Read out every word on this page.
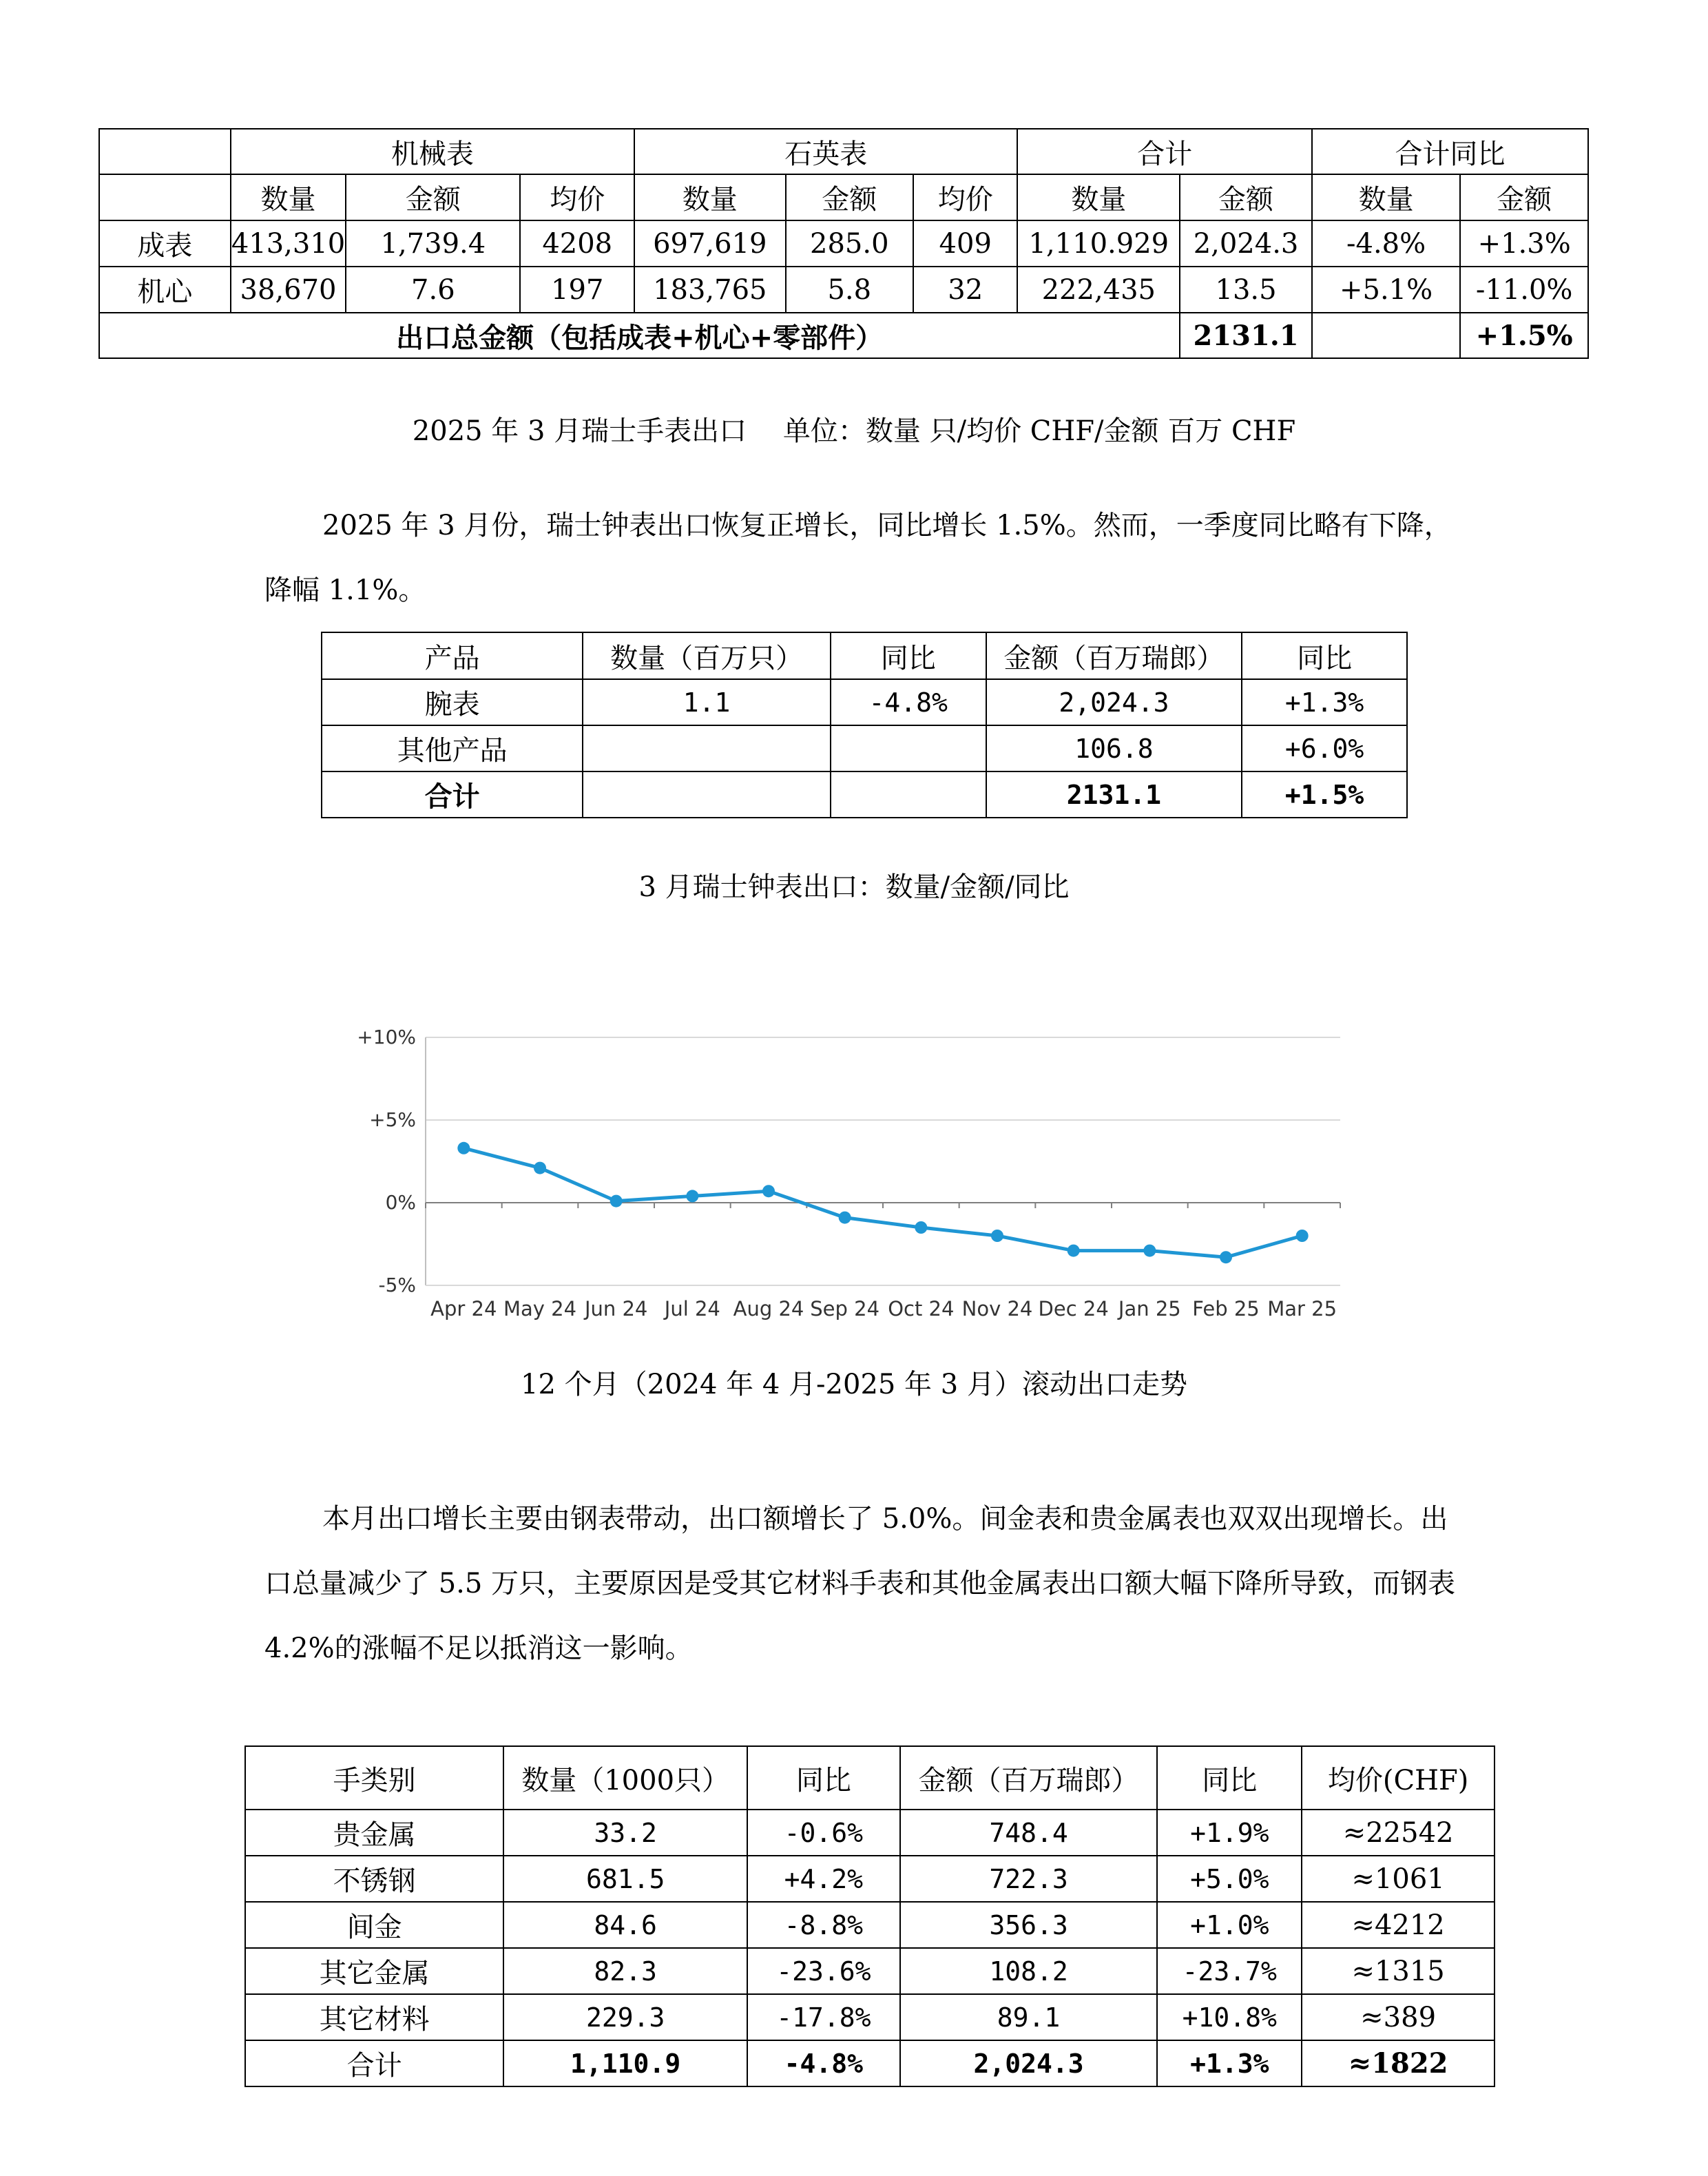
	机械表			石英表			合计		合计同比	
	数量	金额	均价	数量	金额	均价	数量	金额	数量	金额
成表	413,310	1,739.4	4208	697,619	285.0	409	1,110.929	2,024.3	-4.8%	+1.3%
机心	38,670	7.6	197	183,765	5.8	32	222,435	13.5	+5.1%	-11.0%
出口总金额（包括成表+机心+零部件）								2131.1		+1.5%
2025 年 3 月瑞士手表出口　 单位：数量 只/均价 CHF/金额 百万 CHF
2025 年 3 月份，瑞士钟表出口恢复正增长，同比增长 1.5%。然而，一季度同比略有下降，降幅 1.1%。
产品	数量（百万只）	同比	金额（百万瑞郎）	同比
腕表	1.1	-4.8%	2,024.3	+1.3%
其他产品			106.8	+6.0%
合计			2131.1	+1.5%
3 月瑞士钟表出口：数量/金额/同比
+10%
+5%
0%
-5%
Apr 24 May 24 Jun 24 Jul 24 Aug 24 Sep 24 Oct 24 Nov 24 Dec 24 Jan 25 Feb 25 Mar 25
12 个月（2024 年 4 月-2025 年 3 月）滚动出口走势
本月出口增长主要由钢表带动，出口额增长了 5.0%。间金表和贵金属表也双双出现增长。出口总量减少了 5.5 万只，主要原因是受其它材料手表和其他金属表出口额大幅下降所导致，而钢表 4.2%的涨幅不足以抵消这一影响。
手类别	数量（1000只）	同比	金额（百万瑞郎）	同比	均价(CHF)
贵金属	33.2	-0.6%	748.4	+1.9%	≈22542
不锈钢	681.5	+4.2%	722.3	+5.0%	≈1061
间金	84.6	-8.8%	356.3	+1.0%	≈4212
其它金属	82.3	-23.6%	108.2	-23.7%	≈1315
其它材料	229.3	-17.8%	89.1	+10.8%	≈389
合计	1,110.9	-4.8%	2,024.3	+1.3%	≈1822
